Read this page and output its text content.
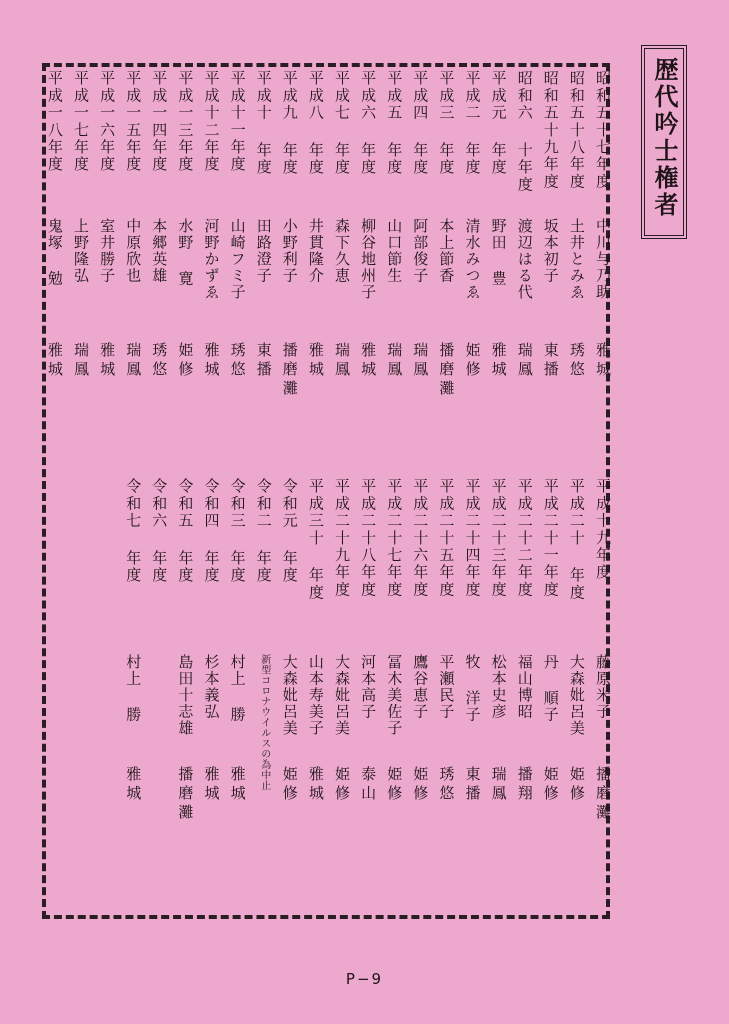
歴代吟士権者
昭和五十七年度
中川与乃助
雅城
昭和五十八年度
土井とみゑ
琇悠
昭和五十九年度
坂本初子
東播
昭和六 十年度
渡辺はる代
瑞鳳
平成元 年度
野田 豊
雅城
平成二 年度
清水みつゑ
姫修
平成三 年度
本上節香
播磨灘
平成四 年度
阿部俊子
瑞鳳
平成五 年度
山口節生
瑞鳳
平成六 年度
柳谷地州子
雅城
平成七 年度
森下久恵
瑞鳳
平成八 年度
井貫隆介
雅城
平成九 年度
小野利子
播磨灘
平成十 年度
田路澄子
東播
平成十一年度
山崎フミ子
琇悠
平成十二年度
河野かずゑ
雅城
平成一三年度
水野 寛
姫修
平成一四年度
本郷英雄
琇悠
平成一五年度
中原欣也
瑞鳳
平成一六年度
室井勝子
雅城
平成一七年度
上野隆弘
瑞鳳
平成一八年度
鬼塚 勉
雅城
平成十九年度
藤原米子
播磨灘
平成二十 年度
大森妣呂美
姫修
平成二十一年度
丹 順子
姫修
平成二十二年度
福山博昭
播翔
平成二十三年度
松本史彦
瑞鳳
平成二十四年度
牧 洋子
東播
平成二十五年度
平瀬民子
琇悠
平成二十六年度
鷹谷恵子
姫修
平成二十七年度
冨木美佐子
姫修
平成二十八年度
河本高子
泰山
平成二十九年度
大森妣呂美
姫修
平成三十 年度
山本寿美子
雅城
令和元 年度
大森妣呂美
姫修
令和二 年度
新型コロナウイルスの為中止
令和三 年度
村上 勝
雅城
令和四 年度
杉本義弘
雅城
令和五 年度
島田十志雄
播磨灘
令和六 年度
令和七 年度
村上 勝
雅城
P−9
